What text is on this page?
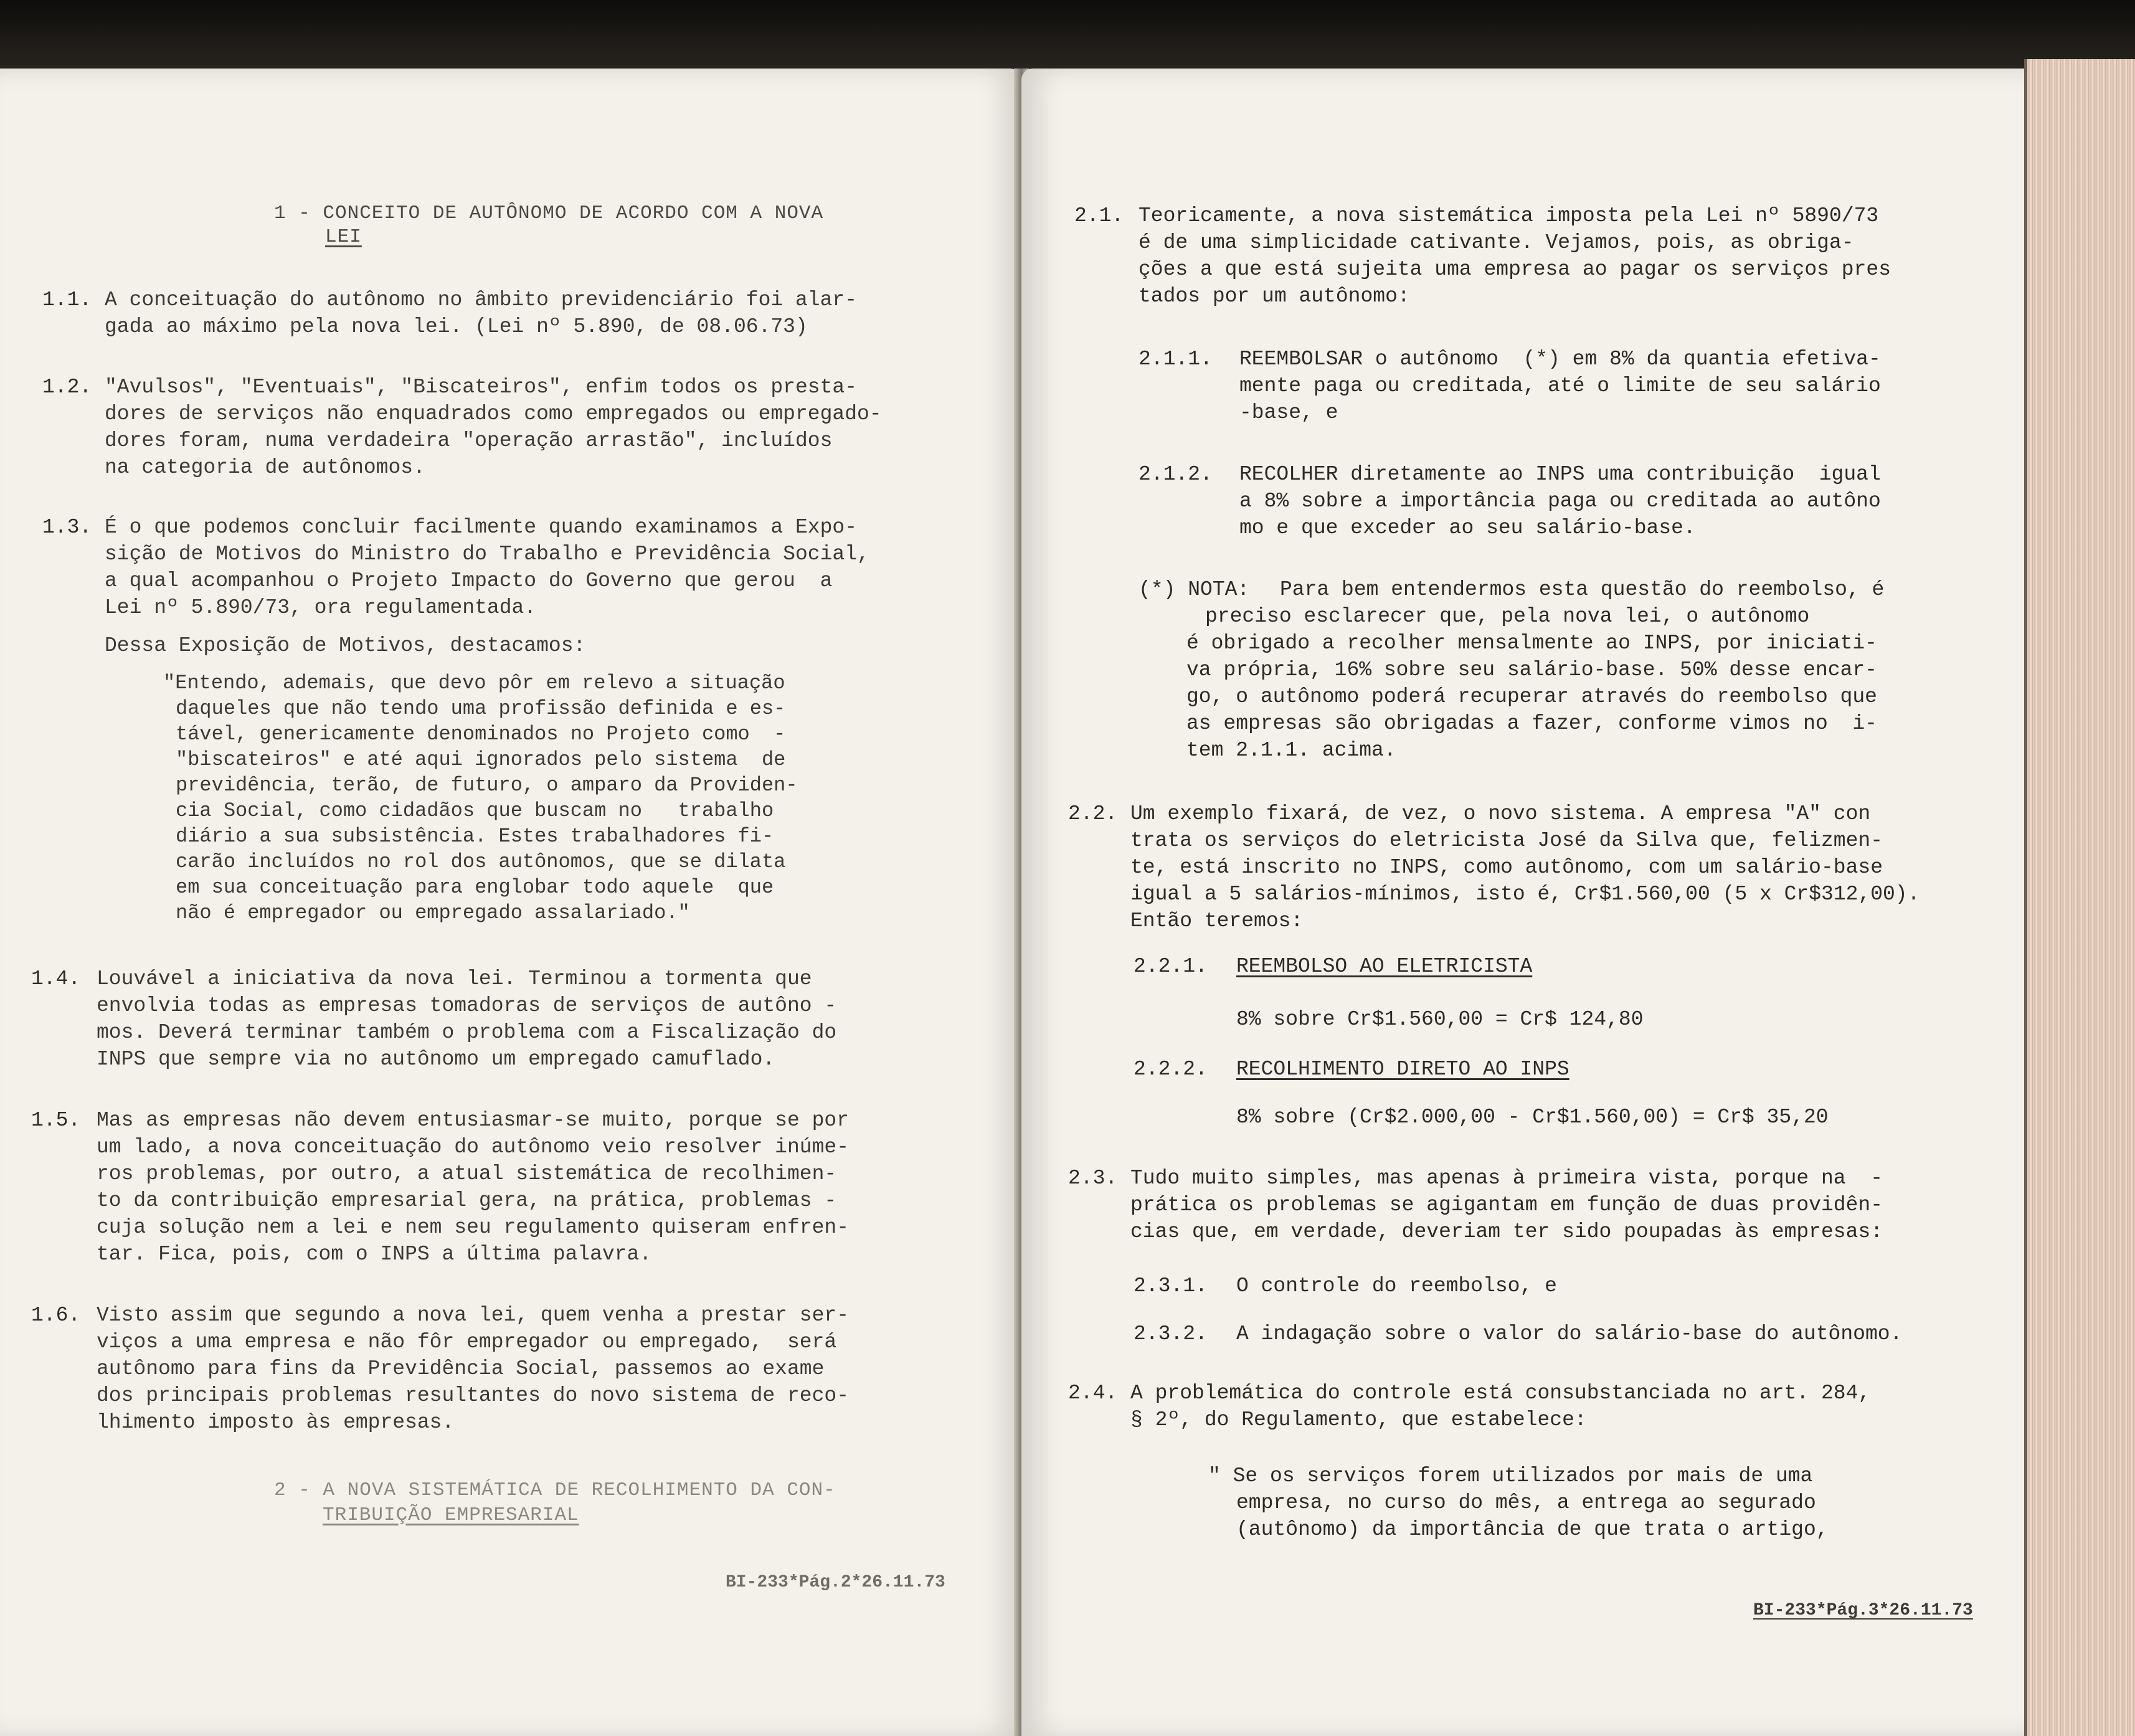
1 - CONCEITO DE AUTÔNOMO DE ACORDO COM A NOVA
LEI
1.1. A conceituação do autônomo no âmbito previdenciário foi alar-
gada ao máximo pela nova lei. (Lei nº 5.890, de 08.06.73)
1.2. "Avulsos", "Eventuais", "Biscateiros", enfim todos os presta-
dores de serviços não enquadrados como empregados ou empregado-
dores foram, numa verdadeira "operação arrastão", incluídos
na categoria de autônomos.
1.3. É o que podemos concluir facilmente quando examinamos a Expo-
sição de Motivos do Ministro do Trabalho e Previdência Social,
a qual acompanhou o Projeto Impacto do Governo que gerou  a
Lei nº 5.890/73, ora regulamentada.
Dessa Exposição de Motivos, destacamos:
"Entendo, ademais, que devo pôr em relevo a situação
daqueles que não tendo uma profissão definida e es-
tável, genericamente denominados no Projeto como  -
"biscateiros" e até aqui ignorados pelo sistema  de
previdência, terão, de futuro, o amparo da Providen-
cia Social, como cidadãos que buscam no   trabalho
diário a sua subsistência. Estes trabalhadores fi-
carão incluídos no rol dos autônomos, que se dilata
em sua conceituação para englobar todo aquele  que
não é empregador ou empregado assalariado."
1.4. Louvável a iniciativa da nova lei. Terminou a tormenta que
envolvia todas as empresas tomadoras de serviços de autôno -
mos. Deverá terminar também o problema com a Fiscalização do
INPS que sempre via no autônomo um empregado camuflado.
1.5. Mas as empresas não devem entusiasmar-se muito, porque se por
um lado, a nova conceituação do autônomo veio resolver inúme-
ros problemas, por outro, a atual sistemática de recolhimen-
to da contribuição empresarial gera, na prática, problemas -
cuja solução nem a lei e nem seu regulamento quiseram enfren-
tar. Fica, pois, com o INPS a última palavra.
1.6. Visto assim que segundo a nova lei, quem venha a prestar ser-
viços a uma empresa e não fôr empregador ou empregado,  será
autônomo para fins da Previdência Social, passemos ao exame
dos principais problemas resultantes do novo sistema de reco-
lhimento imposto às empresas.
2 - A NOVA SISTEMÁTICA DE RECOLHIMENTO DA CON-
TRIBUIÇÃO EMPRESARIAL
BI-233*Pág.2*26.11.73
2.1. Teoricamente, a nova sistemática imposta pela Lei nº 5890/73
é de uma simplicidade cativante. Vejamos, pois, as obriga-
ções a que está sujeita uma empresa ao pagar os serviços pres
tados por um autônomo:
2.1.1. REEMBOLSAR o autônomo  (*) em 8% da quantia efetiva-
mente paga ou creditada, até o limite de seu salário
-base, e
2.1.2. RECOLHER diretamente ao INPS uma contribuição  igual
a 8% sobre a importância paga ou creditada ao autôno
mo e que exceder ao seu salário-base.
(*) NOTA: Para bem entendermos esta questão do reembolso, é
preciso esclarecer que, pela nova lei, o autônomo
é obrigado a recolher mensalmente ao INPS, por iniciati-
va própria, 16% sobre seu salário-base. 50% desse encar-
go, o autônomo poderá recuperar através do reembolso que
as empresas são obrigadas a fazer, conforme vimos no  i-
tem 2.1.1. acima.
2.2. Um exemplo fixará, de vez, o novo sistema. A empresa "A" con
trata os serviços do eletricista José da Silva que, felizmen-
te, está inscrito no INPS, como autônomo, com um salário-base
igual a 5 salários-mínimos, isto é, Cr$1.560,00 (5 x Cr$312,00).
Então teremos:
2.2.1. REEMBOLSO AO ELETRICISTA
8% sobre Cr$1.560,00 = Cr$ 124,80
2.2.2. RECOLHIMENTO DIRETO AO INPS
8% sobre (Cr$2.000,00 - Cr$1.560,00) = Cr$ 35,20
2.3. Tudo muito simples, mas apenas à primeira vista, porque na  -
prática os problemas se agigantam em função de duas providên-
cias que, em verdade, deveriam ter sido poupadas às empresas:
2.3.1. O controle do reembolso, e
2.3.2. A indagação sobre o valor do salário-base do autônomo.
2.4. A problemática do controle está consubstanciada no art. 284,
§ 2º, do Regulamento, que estabelece:
" Se os serviços forem utilizados por mais de uma
empresa, no curso do mês, a entrega ao segurado
(autônomo) da importância de que trata o artigo,
BI-233*Pág.3*26.11.73
